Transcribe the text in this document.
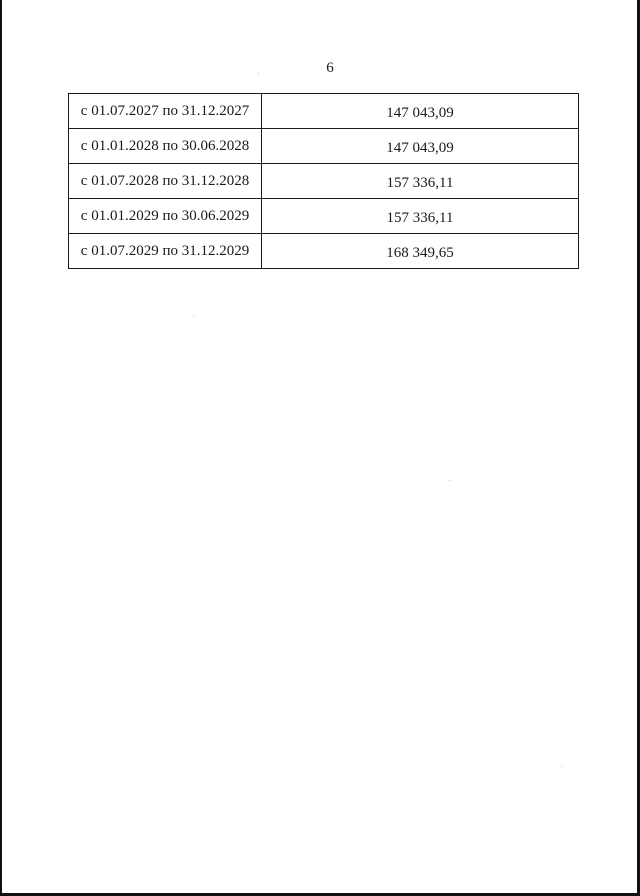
6
с 01.07.2027 по 31.12.2027	147 043,09
с 01.01.2028 по 30.06.2028	147 043,09
с 01.07.2028 по 31.12.2028	157 336,11
с 01.01.2029 по 30.06.2029	157 336,11
с 01.07.2029 по 31.12.2029	168 349,65
